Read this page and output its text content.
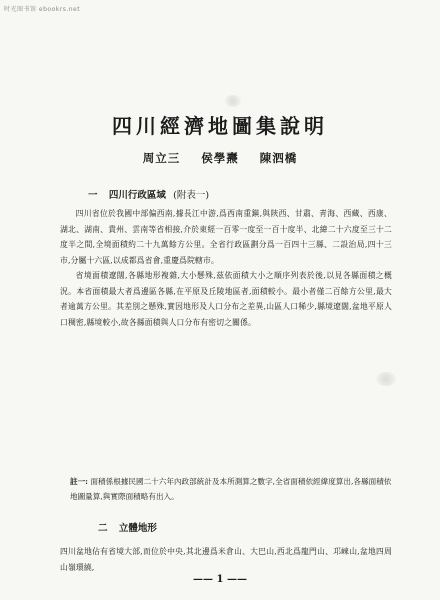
时光图书馆 ebookrs.net
四川經濟地圖集說明
周立三 侯學燾 陳泗橋
一 四川行政區域 (附表一)

四川省位於我國中部偏西南,據長江中游,爲西南重鎭,與陝西、甘肅、靑海、西藏、西康、湖北、湖南、貴州、雲南等省相接,介於東經一百零一度至一百十度半、北緯二十六度至三十二度半之間,全境面積約二十九萬餘方公里。全省行政區劃分爲一百四十三縣、二設治局,四十三市,分屬十六區,以成都爲省會,重慶爲院轄市。

省境面積遼闊,各縣地形複雜,大小懸殊,茲依面積大小之順序列表於後,以見各縣面積之概況。本省面積最大者爲邊區各縣,在平原及丘陵地區者,面積較小。最小者僅二百餘方公里,最大者逾萬方公里。其差別之懸殊,實因地形及人口分布之差異,山區人口稀少,縣境遼闊,盆地平原人口稠密,縣境較小,故各縣面積與人口分布有密切之關係。

註一: 面積係根據民國二十六年內政部統計及本所測算之數字,全省面積依經緯度算出,各縣面積依地圖量算,與實際面積略有出入。
二 立體地形

四川盆地佔有省境大部,而位於中央,其北邊爲米倉山、大巴山,西北爲龍門山、邛崍山,盆地四周山嶺環繞,

—— 1 ——
